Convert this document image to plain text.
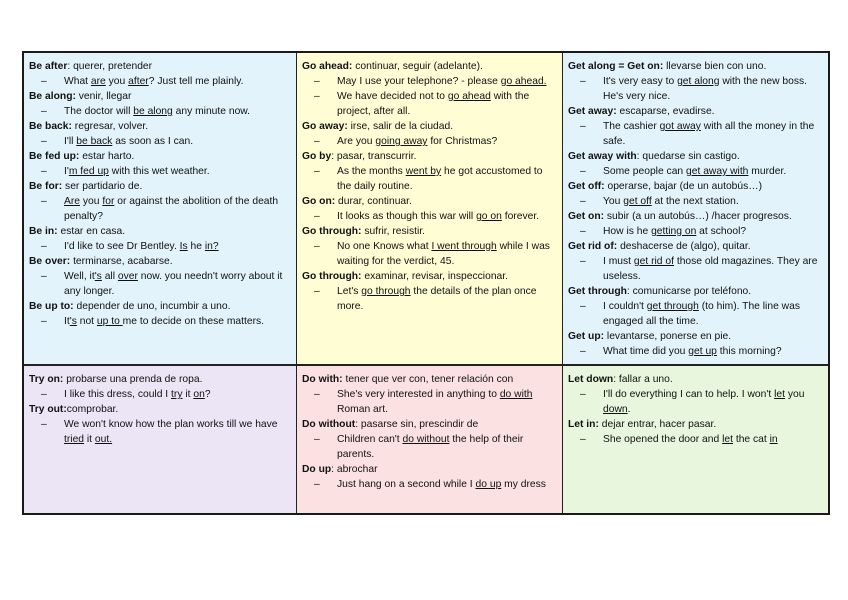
Be after: querer, pretender

– What are you after? Just tell me plainly.

Be along: venir, llegar

– The doctor will be along any minute now.

Be back: regresar, volver.

– I'll be back as soon as I can.

Be fed up: estar harto.

– I'm fed up with this wet weather.

Be for: ser partidario de.

– Are you for or against the abolition of the death penalty?

Be in: estar en casa.

– I'd like to see Dr Bentley. Is he in?

Be over: terminarse, acabarse.

– Well, it's all over now. you needn't worry about it any longer.

Be up to: depender de uno, incumbir a uno.

– It's not up to me to decide on these matters.

Go ahead: continuar, seguir (adelante).

– May I use your telephone? - please go ahead.
– We have decided not to go ahead with the project, after all.

Go away: irse, salir de la ciudad.

– Are you going away for Christmas?

Go by: pasar, transcurrir.

– As the months went by he got accustomed to the daily routine.

Go on: durar, continuar.

– It looks as though this war will go on forever.

Go through: sufrir, resistir.

– No one Knows what I went through while I was waiting for the verdict, 45.

Go through: examinar, revisar, inspeccionar.

– Let's go through the details of the plan once more.

Get along = Get on: llevarse bien con uno.

– It's very easy to get along with the new boss. He's very nice.

Get away: escaparse, evadirse.

– The cashier got away with all the money in the safe.

Get away with: quedarse sin castigo.

– Some people can get away with murder.

Get off: operarse, bajar (de un autobús…)

– You get off at the next station.

Get on: subir (a un autobús…) /hacer progresos.

– How is he getting on at school?

Get rid of: deshacerse de (algo), quitar.

– I must get rid of those old magazines. They are useless.

Get through: comunicarse por teléfono.

– I couldn't get through (to him). The line was engaged all the time.

Get up: levantarse, ponerse en pie.

– What time did you get up this morning?

Try on: probarse una prenda de ropa.

– I like this dress, could I try it on?

Try out:comprobar.

– We won't know how the plan works till we have tried it out.

Do with: tener que ver con, tener relación con

– She's very interested in anything to do with Roman art.

Do without: pasarse sin, prescindir de

– Children can't do without the help of their parents.

Do up: abrochar

– Just hang on a second while I do up my dress

Let down: fallar a uno.

– I'll do everything I can to help. I won't let you down.

Let in: dejar entrar, hacer pasar.

– She opened the door and let the cat in
